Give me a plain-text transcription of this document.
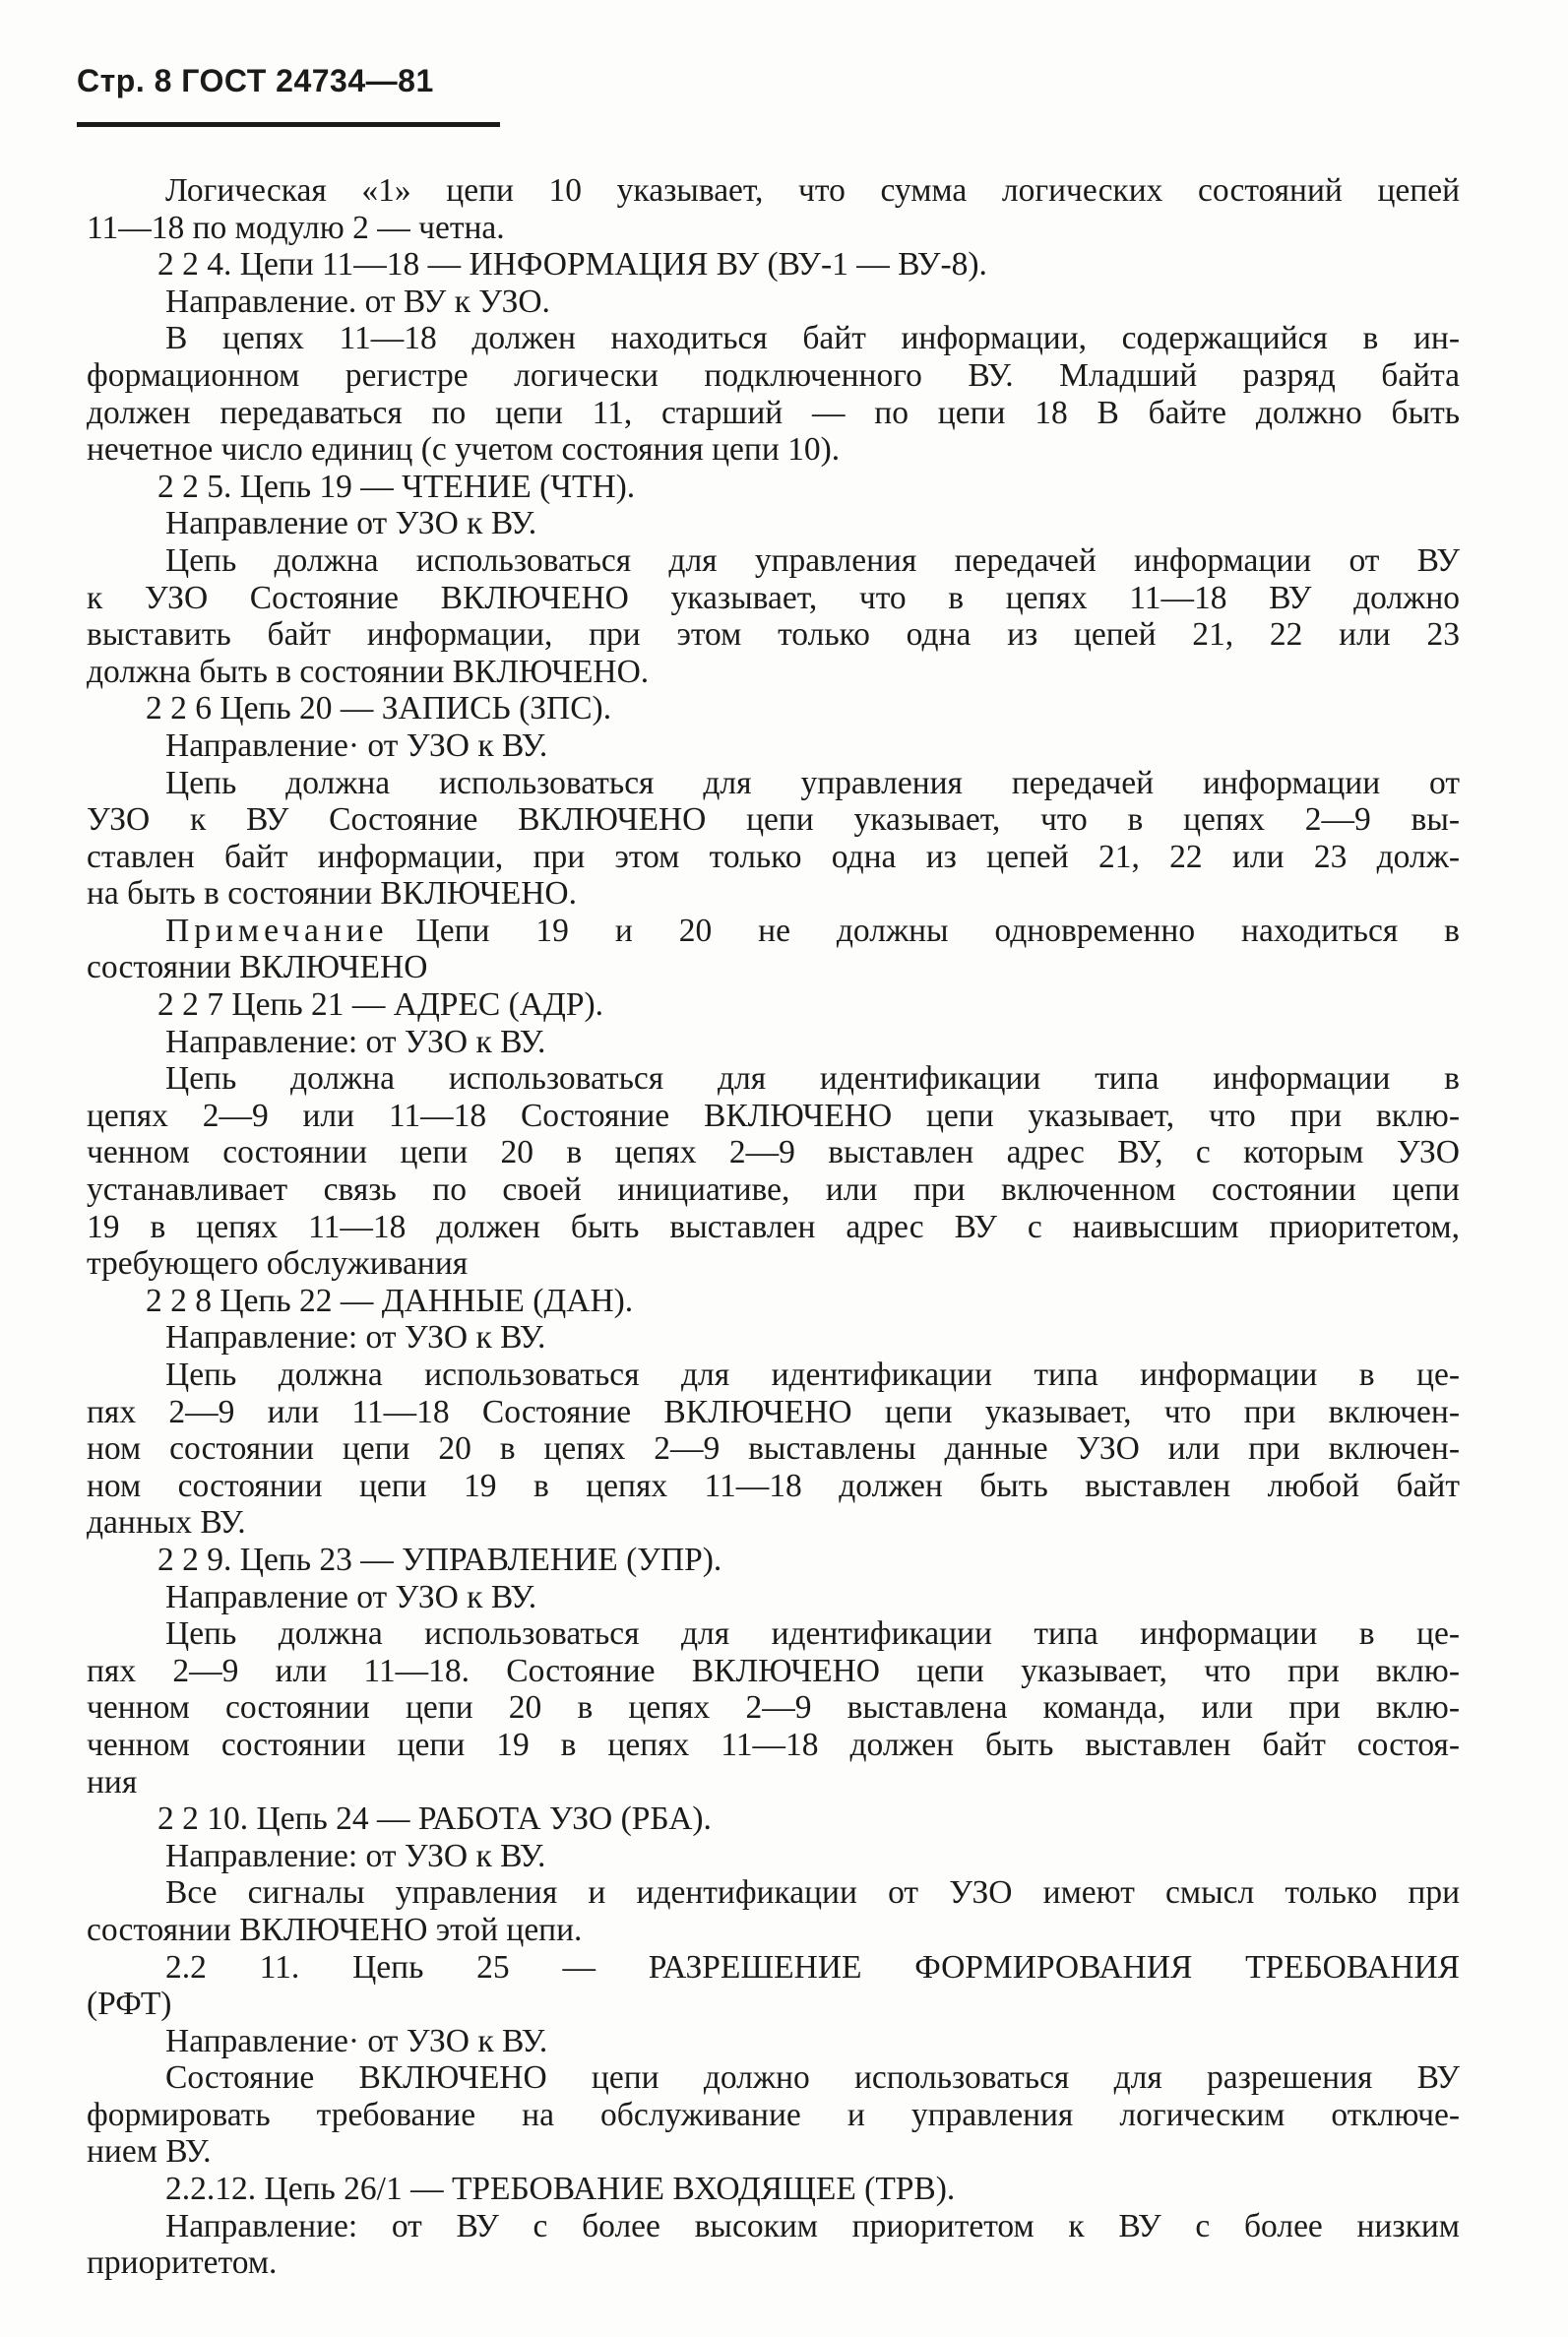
Стр. 8 ГОСТ 24734—81
Логическая «1» цепи 10 указывает, что сумма логических состояний цепей
11—18 по модулю 2 — четна.
2 2 4. Цепи 11—18 — ИНФОРМАЦИЯ ВУ (ВУ-1 — ВУ-8).
Направление. от ВУ к УЗО.
В цепях 11—18 должен находиться байт информации, содержащийся в ин-
формационном регистре логически подключенного ВУ. Младший разряд байта
должен передаваться по цепи 11, старший — по цепи 18 В байте должно быть
нечетное число единиц (с учетом состояния цепи 10).
2 2 5. Цепь 19 — ЧТЕНИЕ (ЧТН).
Направление от УЗО к ВУ.
Цепь должна использоваться для управления передачей информации от ВУ
к УЗО Состояние ВКЛЮЧЕНО указывает, что в цепях 11—18 ВУ должно
выставить байт информации, при этом только одна из цепей 21, 22 или 23
должна быть в состоянии ВКЛЮЧЕНО.
2 2 6 Цепь 20 — ЗАПИСЬ (ЗПС).
Направление· от УЗО к ВУ.
Цепь должна использоваться для управления передачей информации от
УЗО к ВУ Состояние ВКЛЮЧЕНО цепи указывает, что в цепях 2—9 вы-
ставлен байт информации, при этом только одна из цепей 21, 22 или 23 долж-
на быть в состоянии ВКЛЮЧЕНО.
Примечание Цепи 19 и 20 не должны одновременно находиться в
состоянии ВКЛЮЧЕНО
2 2 7 Цепь 21 — АДРЕС (АДР).
Направление: от УЗО к ВУ.
Цепь должна использоваться для идентификации типа информации в
цепях 2—9 или 11—18 Состояние ВКЛЮЧЕНО цепи указывает, что при вклю-
ченном состоянии цепи 20 в цепях 2—9 выставлен адрес ВУ, с которым УЗО
устанавливает связь по своей инициативе, или при включенном состоянии цепи
19 в цепях 11—18 должен быть выставлен адрес ВУ с наивысшим приоритетом,
требующего обслуживания
2 2 8 Цепь 22 — ДАННЫЕ (ДАН).
Направление: от УЗО к ВУ.
Цепь должна использоваться для идентификации типа информации в це-
пях 2—9 или 11—18 Состояние ВКЛЮЧЕНО цепи указывает, что при включен-
ном состоянии цепи 20 в цепях 2—9 выставлены данные УЗО или при включен-
ном состоянии цепи 19 в цепях 11—18 должен быть выставлен любой байт
данных ВУ.
2 2 9. Цепь 23 — УПРАВЛЕНИЕ (УПР).
Направление от УЗО к ВУ.
Цепь должна использоваться для идентификации типа информации в це-
пях 2—9 или 11—18. Состояние ВКЛЮЧЕНО цепи указывает, что при вклю-
ченном состоянии цепи 20 в цепях 2—9 выставлена команда, или при вклю-
ченном состоянии цепи 19 в цепях 11—18 должен быть выставлен байт состоя-
ния
2 2 10. Цепь 24 — РАБОТА УЗО (РБА).
Направление: от УЗО к ВУ.
Все сигналы управления и идентификации от УЗО имеют смысл только при
состоянии ВКЛЮЧЕНО этой цепи.
2.2 11. Цепь 25 — РАЗРЕШЕНИЕ ФОРМИРОВАНИЯ ТРЕБОВАНИЯ
(РФТ)
Направление· от УЗО к ВУ.
Состояние ВКЛЮЧЕНО цепи должно использоваться для разрешения ВУ
формировать требование на обслуживание и управления логическим отключе-
нием ВУ.
2.2.12. Цепь 26/1 — ТРЕБОВАНИЕ ВХОДЯЩЕЕ (ТРВ).
Направление: от ВУ с более высоким приоритетом к ВУ с более низким
приоритетом.
